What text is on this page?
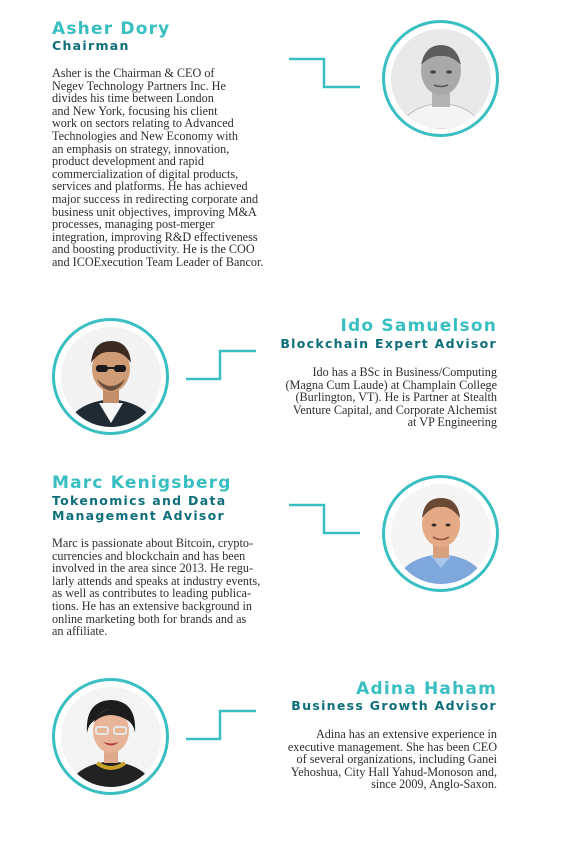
Asher Dory
Chairman
Asher is the Chairman & CEO of
Negev Technology Partners Inc. He
divides his time between London
and New York, focusing his client
work on sectors relating to Advanced
Technologies and New Economy with
an emphasis on strategy, innovation,
product development and rapid
commercialization of digital products,
services and platforms. He has achieved
major success in redirecting corporate and
business unit objectives, improving M&A
processes, managing post-merger
integration, improving R&D effectiveness
and boosting productivity. He is the COO
and ICOExecution Team Leader of Bancor.
Ido Samuelson
Blockchain Expert Advisor
Ido has a BSc in Business/Computing
(Magna Cum Laude) at Champlain College
(Burlington, VT). He is Partner at Stealth
Venture Capital, and Corporate Alchemist
at VP Engineering
Marc Kenigsberg
Tokenomics and Data
Management Advisor
Marc is passionate about Bitcoin, crypto-
currencies and blockchain and has been
involved in the area since 2013. He regu-
larly attends and speaks at industry events,
as well as contributes to leading publica-
tions. He has an extensive background in
online marketing both for brands and as
an affiliate.
Adina Haham
Business Growth Advisor
Adina has an extensive experience in
executive management. She has been CEO
of several organizations, including Ganei
Yehoshua, City Hall Yahud-Monoson and,
since 2009, Anglo-Saxon.
